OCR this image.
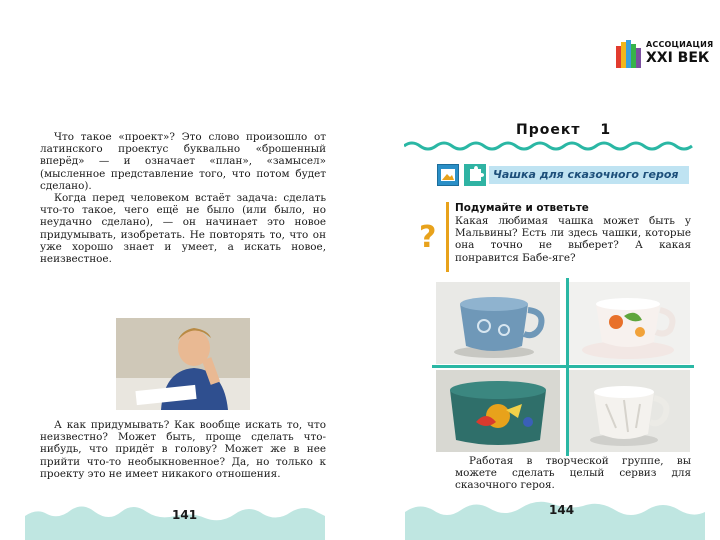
АССОЦИАЦИЯ
XXI ВЕК

Что такое «проект»? Это слово произошло от латинского проектус буквально «брошенный вперёд» — и означает «план», «замысел» (мысленное представление того, что потом будет сделано).

Когда перед человеком встаёт задача: сделать что-то такое, чего ещё не было (или было, но неудачно сделано), — он начинает это новое придумывать, изобретать. Не повторять то, что он уже хорошо знает и умеет, а искать новое, неизвестное.

А как придумывать? Как вообще искать то, что неизвестно? Может быть, проще сделать что-нибудь, что придёт в голову? Может же в нее прийти что-то необыкновенное? Да, но только к проекту это не имеет никакого отношения.

141
Проект 1
Чашка для сказочного героя
?
Подумайте и ответьте

Какая любимая чашка может быть у Мальвины? Есть ли здесь чашки, которые она точно не выберет? А какая понравится Бабе-яге?

Работая в творческой группе, вы можете сделать целый сервиз для сказочного героя.

144
